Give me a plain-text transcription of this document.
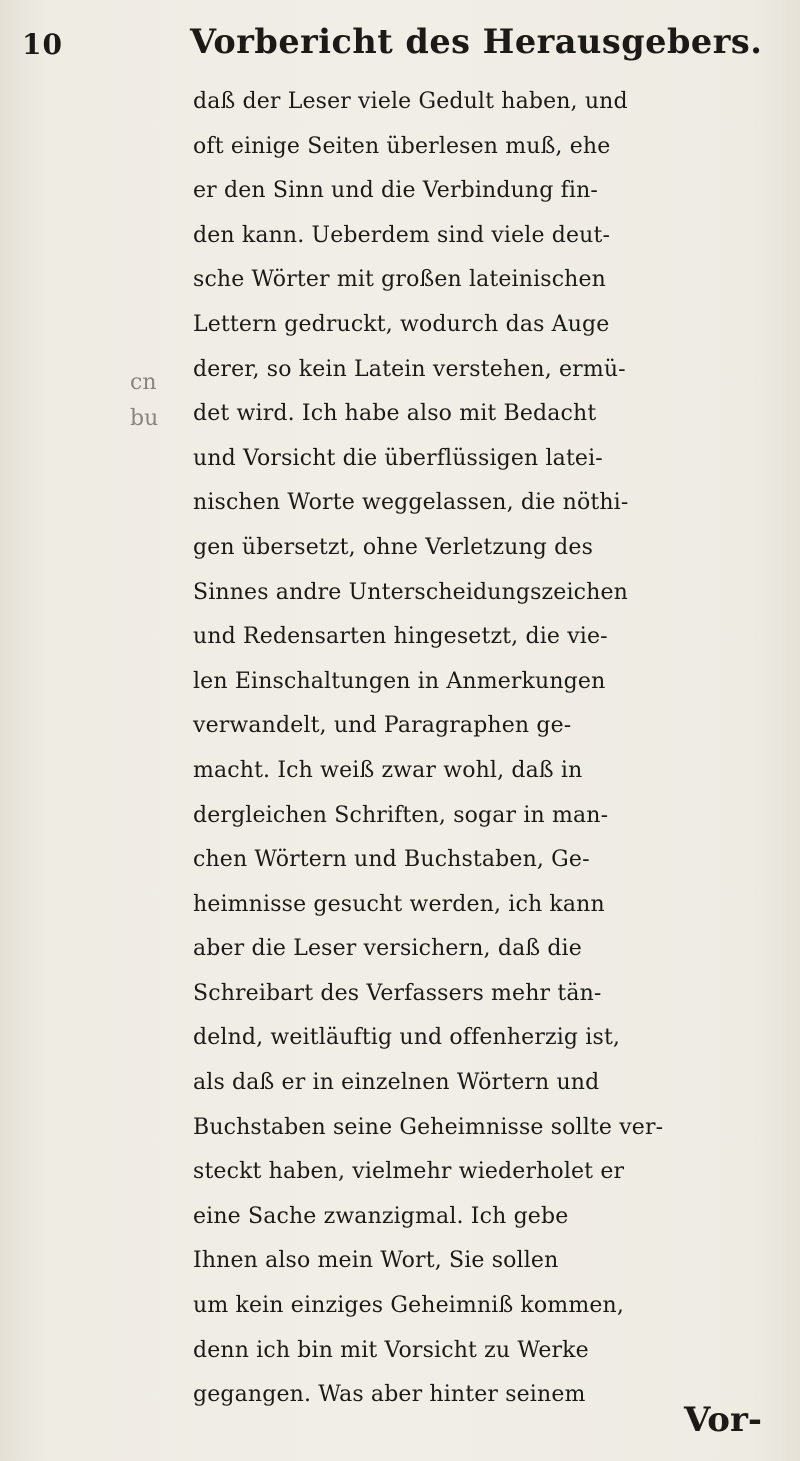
10	Vorbericht des Herausgebers.
cn
bu
daß der Leser viele Gedult haben, und
oft einige Seiten überlesen muß, ehe
er den Sinn und die Verbindung fin-
den kann. Ueberdem sind viele deut-
sche Wörter mit großen lateinischen
Lettern gedruckt, wodurch das Auge
derer, so kein Latein verstehen, ermü-
det wird. Ich habe also mit Bedacht
und Vorsicht die überflüssigen latei-
nischen Worte weggelassen, die nöthi-
gen übersetzt, ohne Verletzung des
Sinnes andre Unterscheidungszeichen
und Redensarten hingesetzt, die vie-
len Einschaltungen in Anmerkungen
verwandelt, und Paragraphen ge-
macht. Ich weiß zwar wohl, daß in
dergleichen Schriften, sogar in man-
chen Wörtern und Buchstaben, Ge-
heimnisse gesucht werden, ich kann
aber die Leser versichern, daß die
Schreibart des Verfassers mehr tän-
delnd, weitläuftig und offenherzig ist,
als daß er in einzelnen Wörtern und
Buchstaben seine Geheimnisse sollte ver-
steckt haben, vielmehr wiederholet er
eine Sache zwanzigmal. Ich gebe
Ihnen also mein Wort, Sie sollen
um kein einziges Geheimniß kommen,
denn ich bin mit Vorsicht zu Werke
gegangen. Was aber hinter seinem
Vor-
